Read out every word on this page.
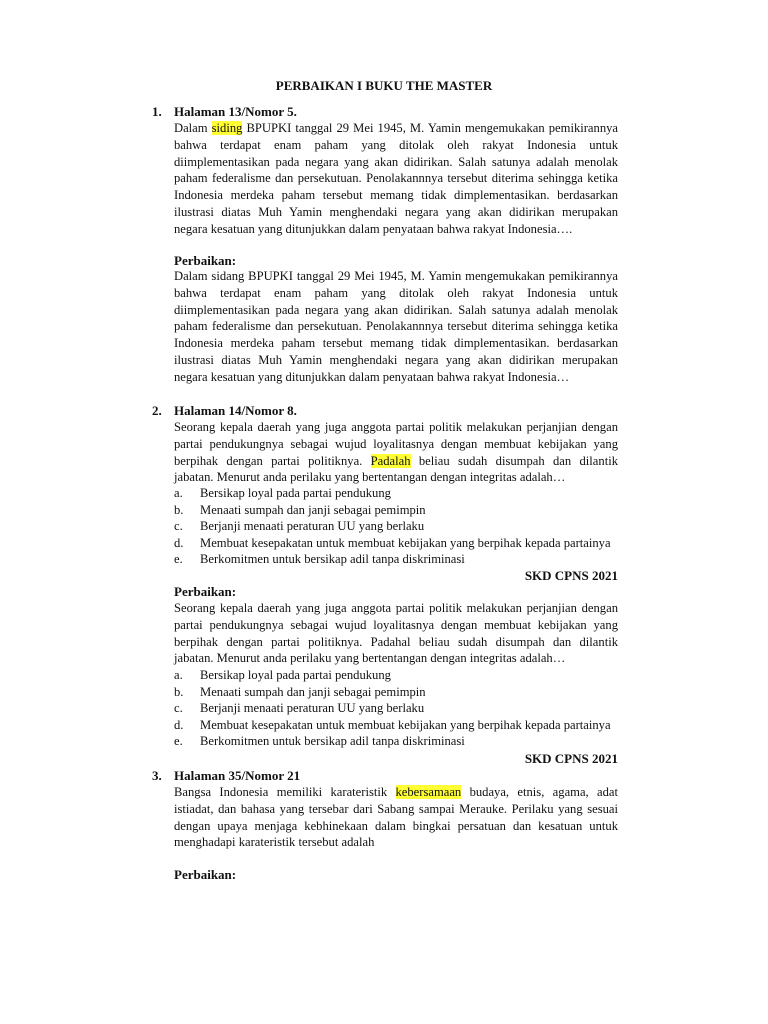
PERBAIKAN I BUKU THE MASTER
1. Halaman 13/Nomor 5.
Dalam siding BPUPKI tanggal 29 Mei 1945, M. Yamin mengemukakan pemikirannya
bahwa terdapat enam paham yang ditolak oleh rakyat Indonesia untuk
diimplementasikan pada negara yang akan didirikan. Salah satunya adalah menolak
paham federalisme dan persekutuan. Penolakannnya tersebut diterima sehingga ketika
Indonesia merdeka paham tersebut memang tidak dimplementasikan. berdasarkan
ilustrasi diatas Muh Yamin menghendaki negara yang akan didirikan merupakan
negara kesatuan yang ditunjukkan dalam penyataan bahwa rakyat Indonesia….
Perbaikan:
Dalam sidang BPUPKI tanggal 29 Mei 1945, M. Yamin mengemukakan pemikirannya
bahwa terdapat enam paham yang ditolak oleh rakyat Indonesia untuk
diimplementasikan pada negara yang akan didirikan. Salah satunya adalah menolak
paham federalisme dan persekutuan. Penolakannnya tersebut diterima sehingga ketika
Indonesia merdeka paham tersebut memang tidak dimplementasikan. berdasarkan
ilustrasi diatas Muh Yamin menghendaki negara yang akan didirikan merupakan
negara kesatuan yang ditunjukkan dalam penyataan bahwa rakyat Indonesia…
2. Halaman 14/Nomor 8.
Seorang kepala daerah yang juga anggota partai politik melakukan perjanjian dengan
partai pendukungnya sebagai wujud loyalitasnya dengan membuat kebijakan yang
berpihak dengan partai politiknya. Padalah beliau sudah disumpah dan dilantik
jabatan. Menurut anda perilaku yang bertentangan dengan integritas adalah…
a.	Bersikap loyal pada partai pendukung
b.	Menaati sumpah dan janji sebagai pemimpin
c.	Berjanji menaati peraturan UU yang berlaku
d.	Membuat kesepakatan untuk membuat kebijakan yang berpihak kepada partainya
e.	Berkomitmen untuk bersikap adil tanpa diskriminasi
SKD CPNS 2021
Perbaikan:
Seorang kepala daerah yang juga anggota partai politik melakukan perjanjian dengan
partai pendukungnya sebagai wujud loyalitasnya dengan membuat kebijakan yang
berpihak dengan partai politiknya. Padahal beliau sudah disumpah dan dilantik
jabatan. Menurut anda perilaku yang bertentangan dengan integritas adalah…
a.	Bersikap loyal pada partai pendukung
b.	Menaati sumpah dan janji sebagai pemimpin
c.	Berjanji menaati peraturan UU yang berlaku
d.	Membuat kesepakatan untuk membuat kebijakan yang berpihak kepada partainya
e.	Berkomitmen untuk bersikap adil tanpa diskriminasi
SKD CPNS 2021
3. Halaman 35/Nomor 21
Bangsa Indonesia memiliki karateristik kebersamaan budaya, etnis, agama, adat
istiadat, dan bahasa yang tersebar dari Sabang sampai Merauke. Perilaku yang sesuai
dengan upaya menjaga kebhinekaan dalam bingkai persatuan dan kesatuan untuk
menghadapi karateristik tersebut adalah
Perbaikan:
